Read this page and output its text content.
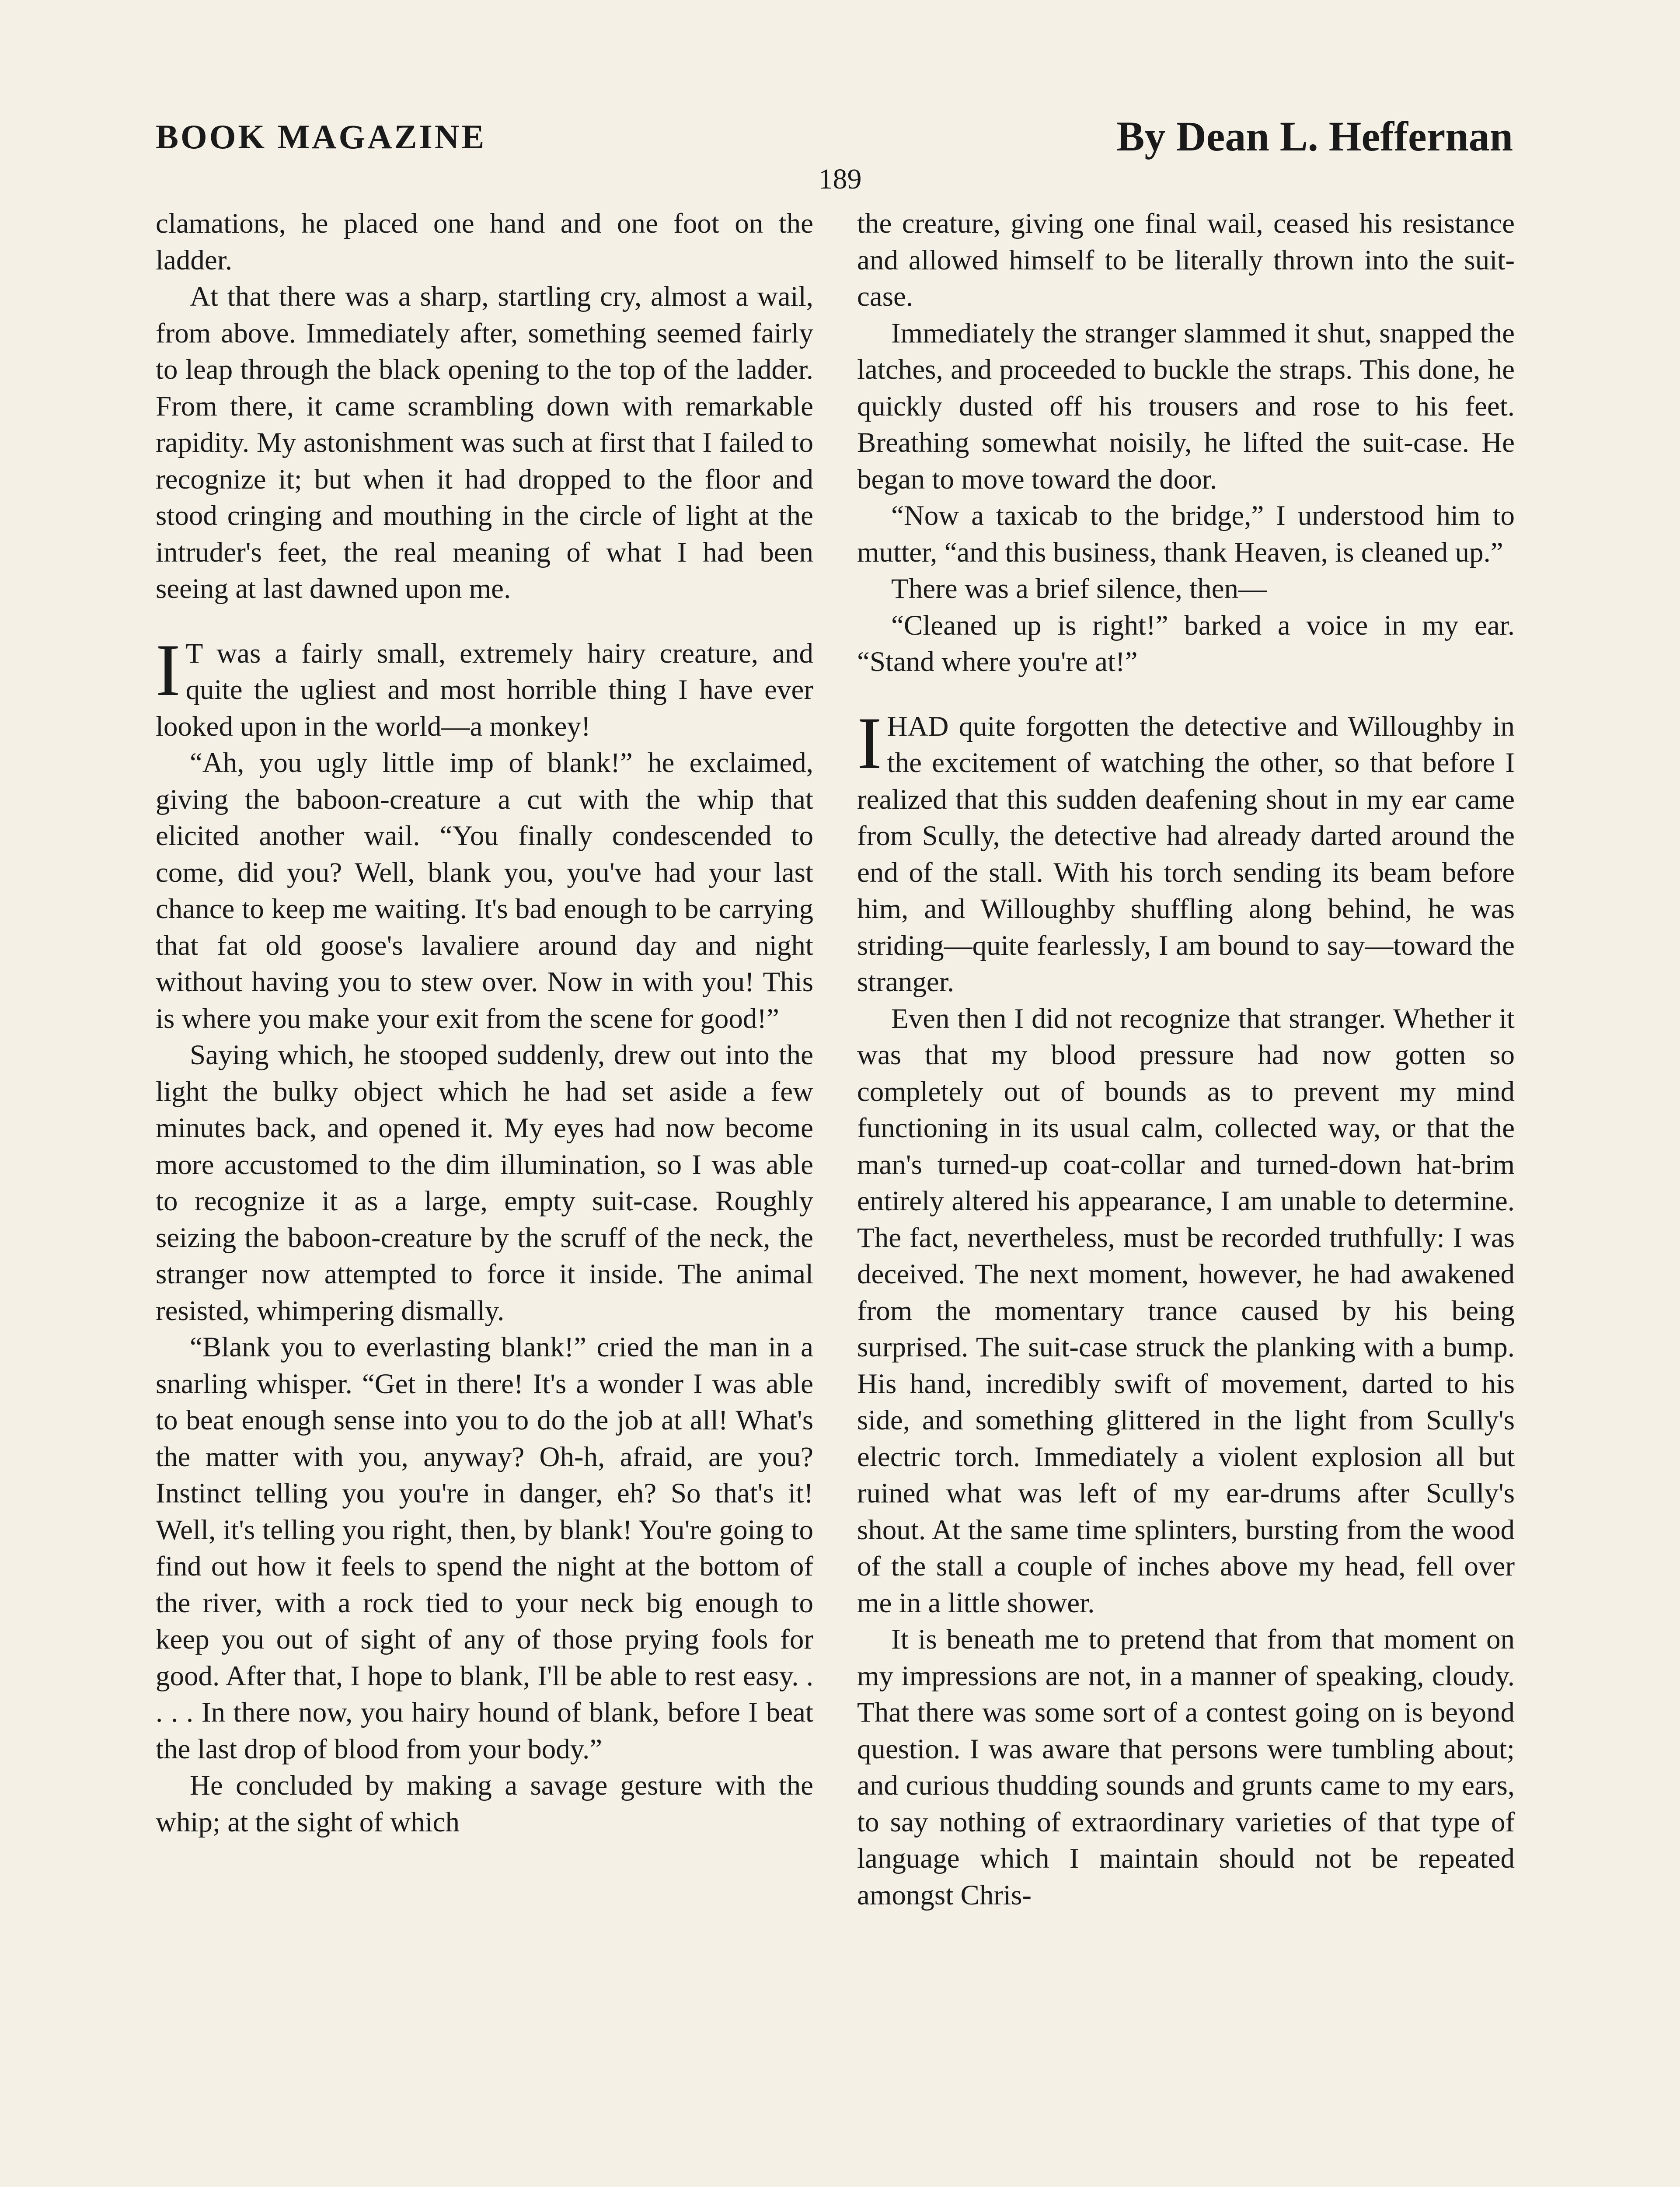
BOOK MAGAZINE	By Dean L. Heffernan
189

clamations, he placed one hand and one foot on the ladder.

At that there was a sharp, startling cry, almost a wail, from above. Immediately after, something seemed fairly to leap through the black opening to the top of the ladder. From there, it came scrambling down with remarkable rapidity. My astonishment was such at first that I failed to recognize it; but when it had dropped to the floor and stood cringing and mouthing in the circle of light at the intruder's feet, the real meaning of what I had been seeing at last dawned upon me.

I T was a fairly small, extremely hairy creature, and quite the ugliest and most horrible thing I have ever looked upon in the world—a monkey!

“Ah, you ugly little imp of blank!” he exclaimed, giving the baboon-creature a cut with the whip that elicited another wail. “You finally condescended to come, did you? Well, blank you, you've had your last chance to keep me waiting. It's bad enough to be carrying that fat old goose's lavaliere around day and night without having you to stew over. Now in with you! This is where you make your exit from the scene for good!”

Saying which, he stooped suddenly, drew out into the light the bulky object which he had set aside a few minutes back, and opened it. My eyes had now become more accustomed to the dim illumination, so I was able to recognize it as a large, empty suit-case. Roughly seizing the baboon-creature by the scruff of the neck, the stranger now attempted to force it inside. The animal resisted, whimpering dismally.

“Blank you to everlasting blank!” cried the man in a snarling whisper. “Get in there! It's a wonder I was able to beat enough sense into you to do the job at all! What's the matter with you, anyway? Oh-h, afraid, are you? Instinct telling you you're in danger, eh? So that's it! Well, it's telling you right, then, by blank! You're going to find out how it feels to spend the night at the bottom of the river, with a rock tied to your neck big enough to keep you out of sight of any of those prying fools for good. After that, I hope to blank, I'll be able to rest easy. . . . . In there now, you hairy hound of blank, before I beat the last drop of blood from your body.”

He concluded by making a savage gesture with the whip; at the sight of which

the creature, giving one final wail, ceased his resistance and allowed himself to be literally thrown into the suit-case.

Immediately the stranger slammed it shut, snapped the latches, and proceeded to buckle the straps. This done, he quickly dusted off his trousers and rose to his feet. Breathing somewhat noisily, he lifted the suit-case. He began to move toward the door.

“Now a taxicab to the bridge,” I understood him to mutter, “and this business, thank Heaven, is cleaned up.”

There was a brief silence, then—

“Cleaned up is right!” barked a voice in my ear. “Stand where you're at!”

IHAD quite forgotten the detective and Willoughby in the excitement of watching the other, so that before I realized that this sudden deafening shout in my ear came from Scully, the detective had already darted around the end of the stall. With his torch sending its beam before him, and Willoughby shuffling along behind, he was striding—quite fearlessly, I am bound to say—toward the stranger.

Even then I did not recognize that stranger. Whether it was that my blood pressure had now gotten so completely out of bounds as to prevent my mind functioning in its usual calm, collected way, or that the man's turned-up coat-collar and turned-down hat-brim entirely altered his appearance, I am unable to determine. The fact, nevertheless, must be recorded truthfully: I was deceived. The next moment, however, he had awakened from the momentary trance caused by his being surprised. The suit-case struck the planking with a bump. His hand, incredibly swift of movement, darted to his side, and something glittered in the light from Scully's electric torch. Immediately a violent explosion all but ruined what was left of my ear-drums after Scully's shout. At the same time splinters, bursting from the wood of the stall a couple of inches above my head, fell over me in a little shower.

It is beneath me to pretend that from that moment on my impressions are not, in a manner of speaking, cloudy. That there was some sort of a contest going on is beyond question. I was aware that persons were tumbling about; and curious thudding sounds and grunts came to my ears, to say nothing of extraordinary varieties of that type of language which I maintain should not be repeated amongst Chris-
